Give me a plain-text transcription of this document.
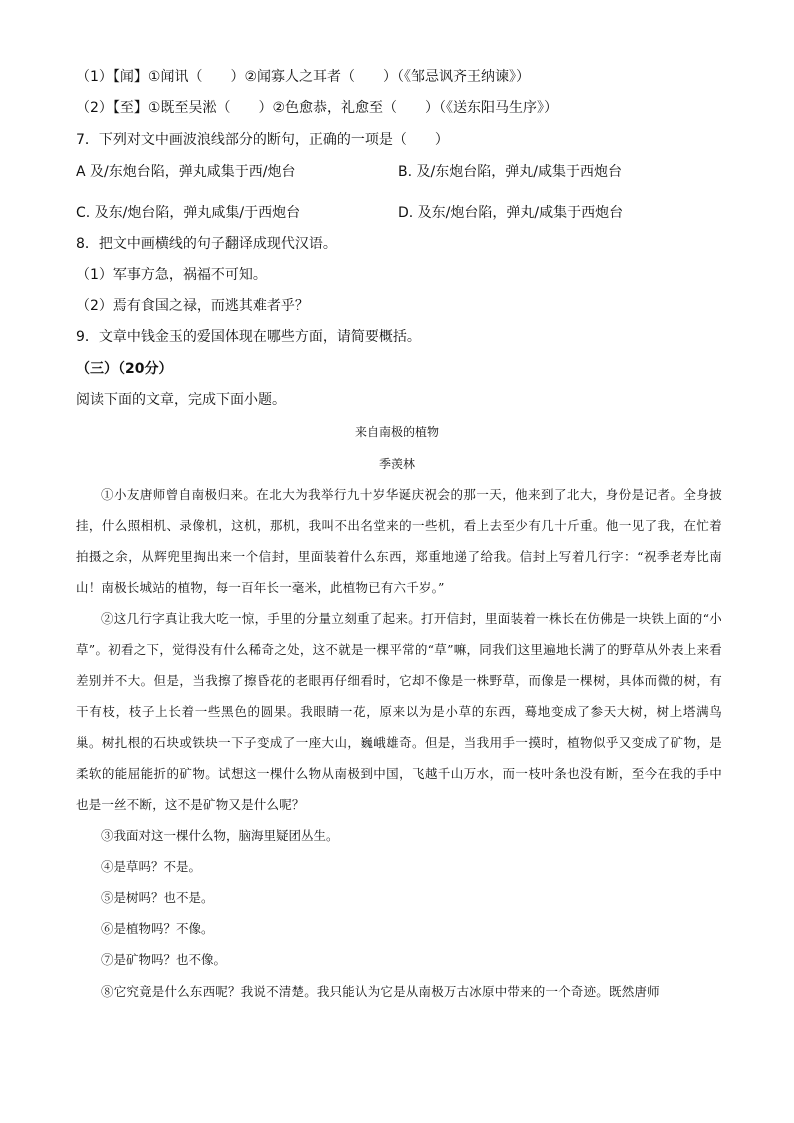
（1）【闻】①闻讯（　　）②闻寡人之耳者（　　）（《邹忌讽齐王纳谏》）
（2）【至】①既至吴淞（　　）②色愈恭，礼愈至（　　）（《送东阳马生序》）
7．下列对文中画波浪线部分的断句，正确的一项是（　　）
A 及/东炮台陷，弹丸咸集于西/炮台	B. 及/东炮台陷，弹丸/咸集于西炮台
C. 及东/炮台陷，弹丸咸集/于西炮台	D. 及东/炮台陷，弹丸/咸集于西炮台
8．把文中画横线的句子翻译成现代汉语。
（1）军事方急，祸福不可知。
（2）焉有食国之禄，而逃其难者乎？
9．文章中钱金玉的爱国体现在哪些方面，请简要概括。
（三）（20分）
阅读下面的文章，完成下面小题。
来自南极的植物
季羡林

①小友唐师曾自南极归来。在北大为我举行九十岁华诞庆祝会的那一天，他来到了北大，身份是记者。全身披挂，什么照相机、录像机，这机，那机，我叫不出名堂来的一些机，看上去至少有几十斤重。他一见了我，在忙着拍摄之余，从辉兜里掏出来一个信封，里面装着什么东西，郑重地递了给我。信封上写着几行字：“祝季老寿比南山！南极长城站的植物，每一百年长一毫米，此植物已有六千岁。”

②这几行字真让我大吃一惊，手里的分量立刻重了起来。打开信封，里面装着一株长在仿佛是一块铁上面的“小草”。初看之下，觉得没有什么稀奇之处，这不就是一棵平常的“草”嘛，同我们这里遍地长满了的野草从外表上来看差别并不大。但是，当我擦了擦昏花的老眼再仔细看时，它却不像是一株野草，而像是一棵树，具体而微的树，有干有枝，枝子上长着一些黑色的圆果。我眼睛一花，原来以为是小草的东西，蓦地变成了参天大树，树上塔满鸟巢。树扎根的石块或铁块一下子变成了一座大山，巍峨雄奇。但是，当我用手一摸时，植物似乎又变成了矿物，是柔软的能屈能折的矿物。试想这一棵什么物从南极到中国，飞越千山万水，而一枝叶条也没有断，至今在我的手中也是一丝不断，这不是矿物又是什么呢？

③我面对这一棵什么物，脑海里疑团丛生。
④是草吗？不是。
⑤是树吗？也不是。
⑥是植物吗？不像。
⑦是矿物吗？也不像。

⑧它究竟是什么东西呢？我说不清楚。我只能认为它是从南极万古冰原中带来的一个奇迹。既然唐师
